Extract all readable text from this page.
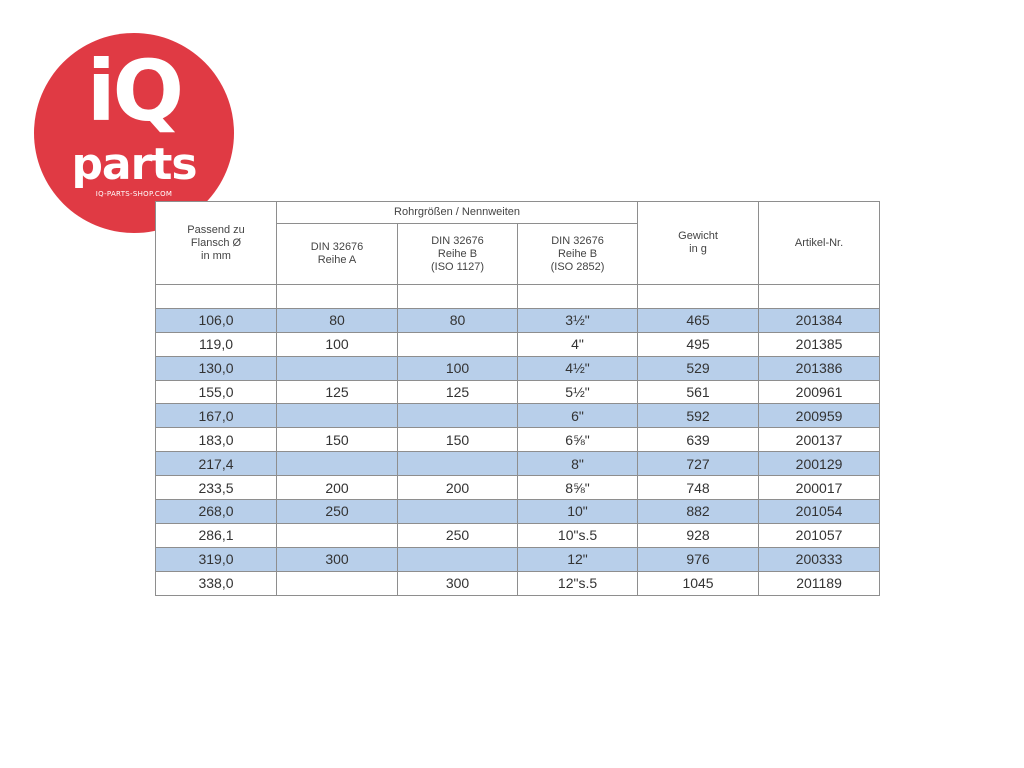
iQ
parts
IQ-PARTS-SHOP.COM
Passend zu
Flansch Ø
in mm	Rohrgrößen / Nennweiten			Gewicht
in g	Artikel-Nr.
	DIN 32676
Reihe A	DIN 32676
Reihe B
(ISO 1127)	DIN 32676
Reihe B
(ISO 2852)		

106,0	80	80	3½"	465	201384
119,0	100		4"	495	201385
130,0		100	4½"	529	201386
155,0	125	125	5½"	561	200961
167,0			6"	592	200959
183,0	150	150	6⅝"	639	200137
217,4			8"	727	200129
233,5	200	200	8⅝"	748	200017
268,0	250		10"	882	201054
286,1		250	10"s.5	928	201057
319,0	300		12"	976	200333
338,0		300	12"s.5	1045	201189
